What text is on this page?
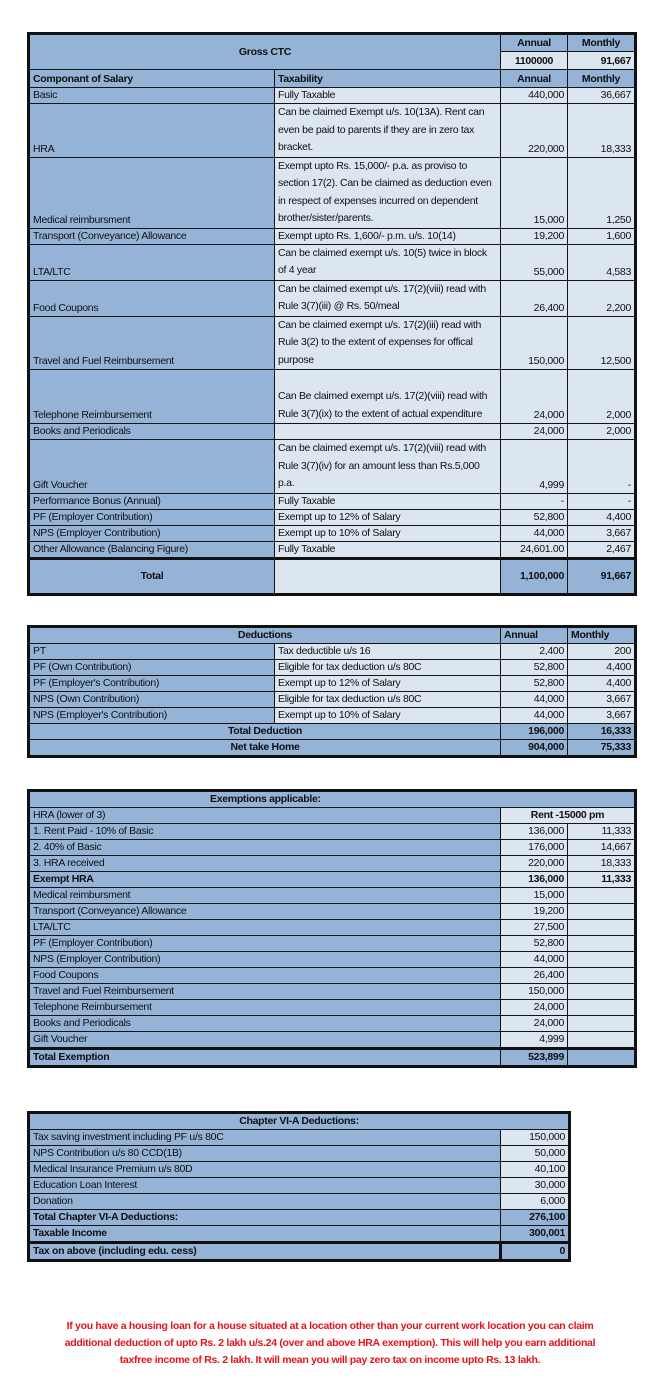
Gross CTC		Annual	Monthly
		1100000	91,667
Componant of Salary	Taxability	Annual	Monthly
Basic	Fully Taxable	440,000	36,667
HRA	Can be claimed Exempt u/s. 10(13A). Rent can even be paid to parents if they are in zero tax bracket.	220,000	18,333
Medical reimbursment	Exempt upto Rs. 15,000/- p.a. as proviso to section 17(2). Can be claimed as deduction even in respect of expenses incurred on dependent brother/sister/parents.	15,000	1,250
Transport (Conveyance) Allowance	Exempt upto Rs. 1,600/- p.m. u/s. 10(14)	19,200	1,600
LTA/LTC	Can be claimed exempt u/s. 10(5) twice in block of 4 year	55,000	4,583
Food Coupons	Can be claimed exempt u/s. 17(2)(viii) read with Rule 3(7)(iii) @ Rs. 50/meal	26,400	2,200
Travel and Fuel Reimbursement	Can be claimed exempt u/s. 17(2)(iii) read with Rule 3(2) to the extent of expenses for offical purpose	150,000	12,500
Telephone Reimbursement	Can Be claimed exempt u/s. 17(2)(viii) read with Rule 3(7)(ix) to the extent of actual expenditure	24,000	2,000
Books and Periodicals		24,000	2,000
Gift Voucher	Can be claimed exempt u/s. 17(2)(viii) read with Rule 3(7)(iv) for an amount less than Rs.5,000 p.a.	4,999	-
Performance Bonus (Annual)	Fully Taxable	-	-
PF (Employer Contribution)	Exempt up to 12% of Salary	52,800	4,400
NPS (Employer Contribution)	Exempt up to 10% of Salary	44,000	3,667
Other Allowance (Balancing Figure)	Fully Taxable	24,601.00	2,467
Total		1,100,000	91,667
Deductions		Annual	Monthly
PT	Tax deductible u/s 16	2,400	200
PF (Own Contribution)	Eligible for tax deduction u/s 80C	52,800	4,400
PF (Employer's Contribution)	Exempt up to 12% of Salary	52,800	4,400
NPS (Own Contribution)	Eligible for tax deduction u/s 80C	44,000	3,667
NPS (Employer's Contribution)	Exempt up to 10% of Salary	44,000	3,667
Total Deduction		196,000	16,333
Net take Home		904,000	75,333
Exemptions applicable:		
HRA (lower of 3)	Rent -15000 pm	
1. Rent Paid - 10% of Basic	136,000	11,333
2. 40% of Basic	176,000	14,667
3. HRA received	220,000	18,333
Exempt HRA	136,000	11,333
Medical reimbursment	15,000	
Transport (Conveyance) Allowance	19,200	
LTA/LTC	27,500	
PF (Employer Contribution)	52,800	
NPS (Employer Contribution)	44,000	
Food Coupons	26,400	
Travel and Fuel Reimbursement	150,000	
Telephone Reimbursement	24,000	
Books and Periodicals	24,000	
Gift Voucher	4,999	
Total Exemption	523,899	
Chapter VI-A Deductions:	
Tax saving investment including PF u/s 80C	150,000
NPS Contribution u/s 80 CCD(1B)	50,000
Medical Insurance Premium u/s 80D	40,100
Education Loan Interest	30,000
Donation	6,000
Total Chapter VI-A Deductions:	276,100
Taxable Income	300,001
Tax on above (including edu. cess)	0
If you have a housing loan for a house situated at a location other than your current work location you can claim
additional deduction of upto Rs. 2 lakh u/s.24 (over and above HRA exemption). This will help you earn additional
taxfree income of Rs. 2 lakh. It will mean you will pay zero tax on income upto Rs. 13 lakh.
